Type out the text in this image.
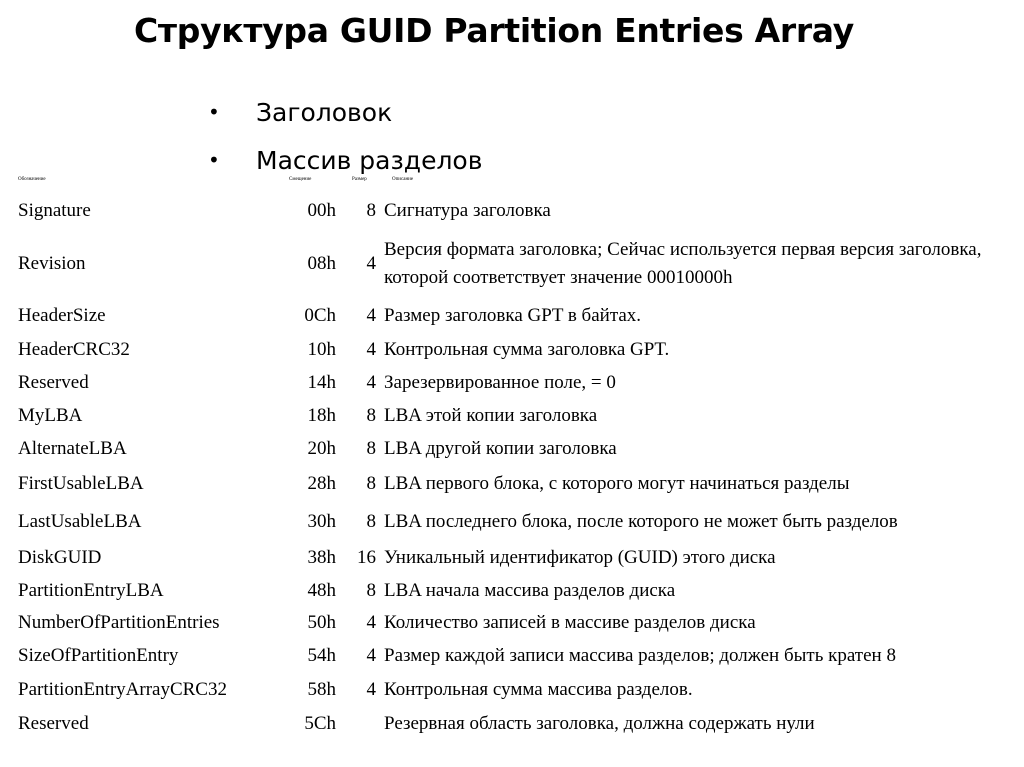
Структура GUID Partition Entries Array
•	Заголовок
•	Массив разделов
Обозначение	Смещение	Размер	Описание
Signature	00h	8	Сигнатура заголовка
Revision	08h	4	Версия формата заголовка; Сейчас используется первая версия заголовка, которой соответствует значение 00010000h
HeaderSize	0Ch	4	Размер заголовка GPT в байтах.
HeaderCRC32	10h	4	Контрольная сумма заголовка GPT.
Reserved	14h	4	Зарезервированное поле, = 0
MyLBA	18h	8	LBA этой копии заголовка
AlternateLBA	20h	8	LBA другой копии заголовка
FirstUsableLBA	28h	8	LBA первого блока, с которого могут начинаться разделы
LastUsableLBA	30h	8	LBA последнего блока, после которого не может быть разделов
DiskGUID	38h	16	Уникальный идентификатор (GUID) этого диска
PartitionEntryLBA	48h	8	LBA начала массива разделов диска
NumberOfPartitionEntries	50h	4	Количество записей в массиве разделов диска
SizeOfPartitionEntry	54h	4	Размер каждой записи массива разделов; должен быть кратен 8
PartitionEntryArrayCRC32	58h	4	Контрольная сумма массива разделов.
Reserved	5Ch		Резервная область заголовка, должна содержать нули
